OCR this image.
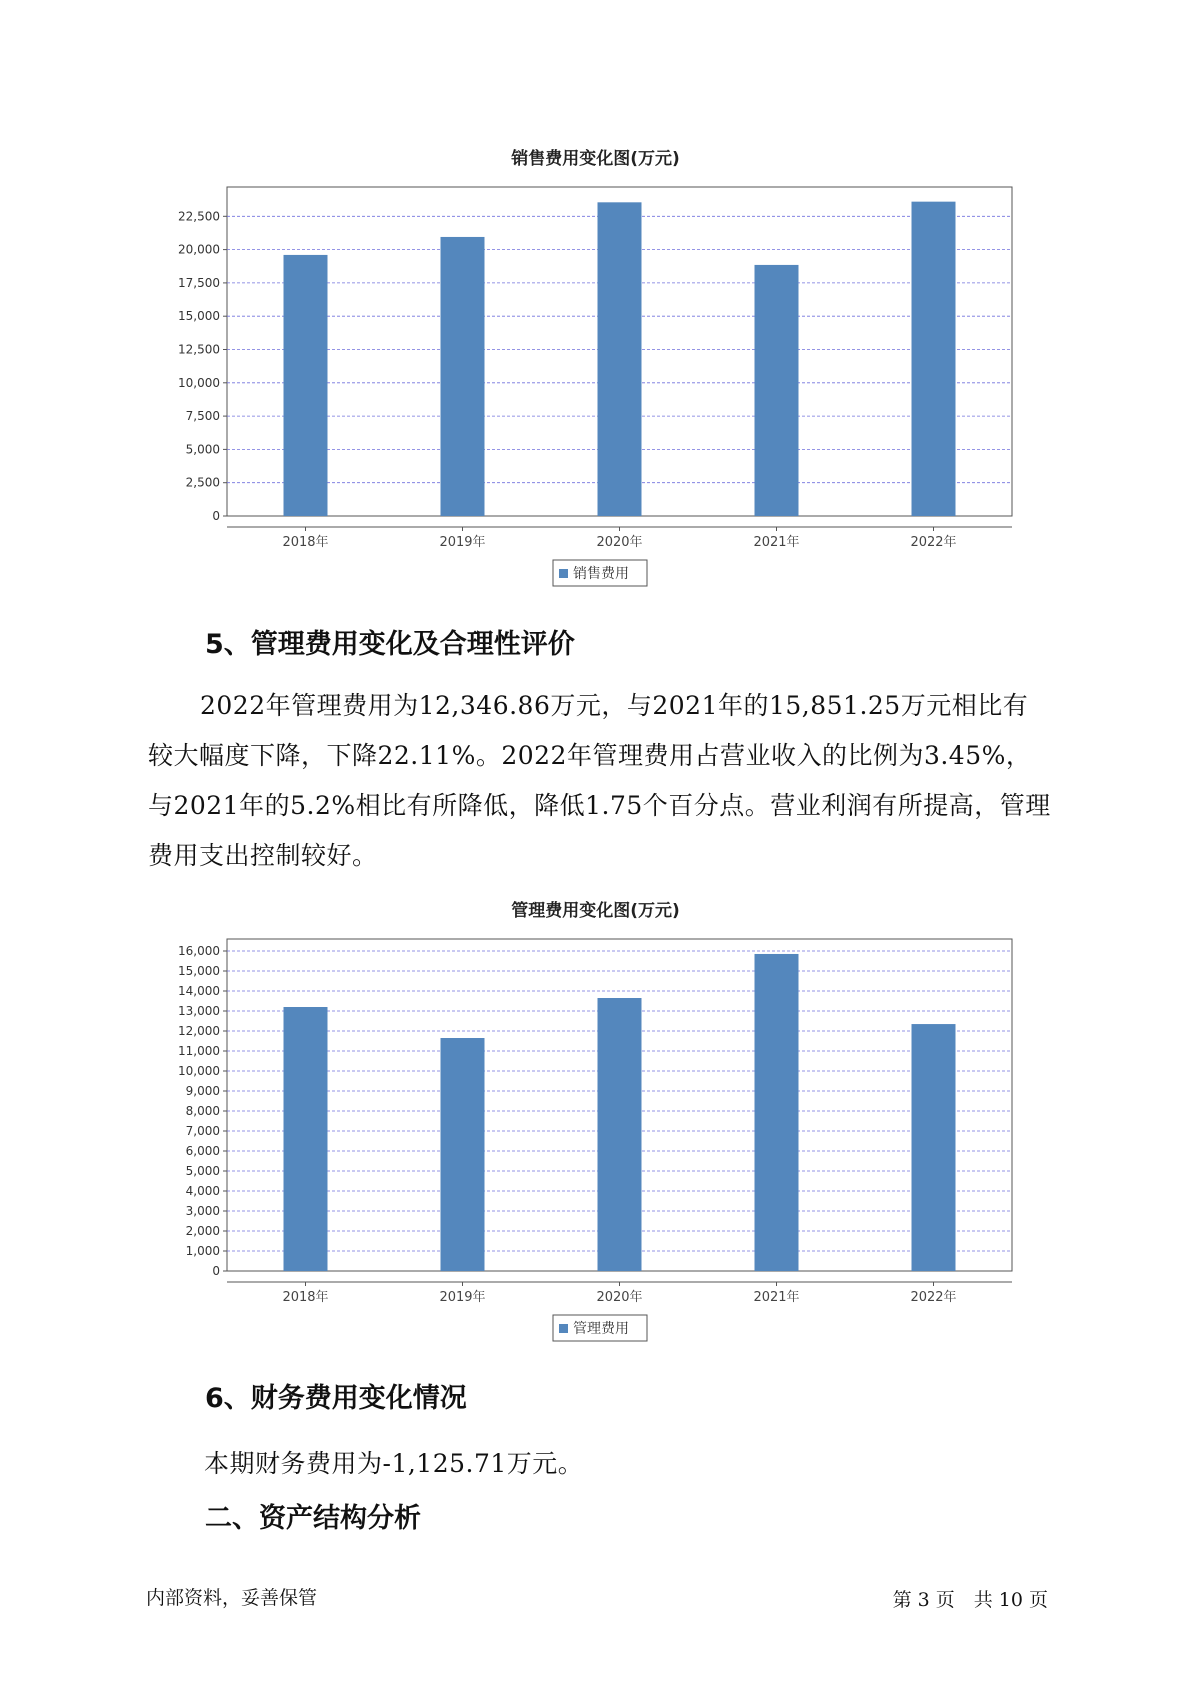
销售费用变化图(万元)
0
2,500
5,000
7,500
10,000
12,500
15,000
17,500
20,000
22,500
2018年	2019年	2020年	2021年	2022年
销售费用
5、管理费用变化及合理性评价

2022年管理费用为12,346.86万元，与2021年的15,851.25万元相比有较大幅度下降，下降22.11%。2022年管理费用占营业收入的比例为3.45%，与2021年的5.2%相比有所降低，降低1.75个百分点。营业利润有所提高，管理费用支出控制较好。

管理费用变化图(万元)
0
1,000
2,000
3,000
4,000
5,000
6,000
7,000
8,000
9,000
10,000
11,000
12,000
13,000
14,000
15,000
16,000
2018年	2019年	2020年	2021年	2022年
管理费用
6、财务费用变化情况

本期财务费用为-1,125.71万元。

二、资产结构分析
内部资料，妥善保管	第 3 页　共 10 页
